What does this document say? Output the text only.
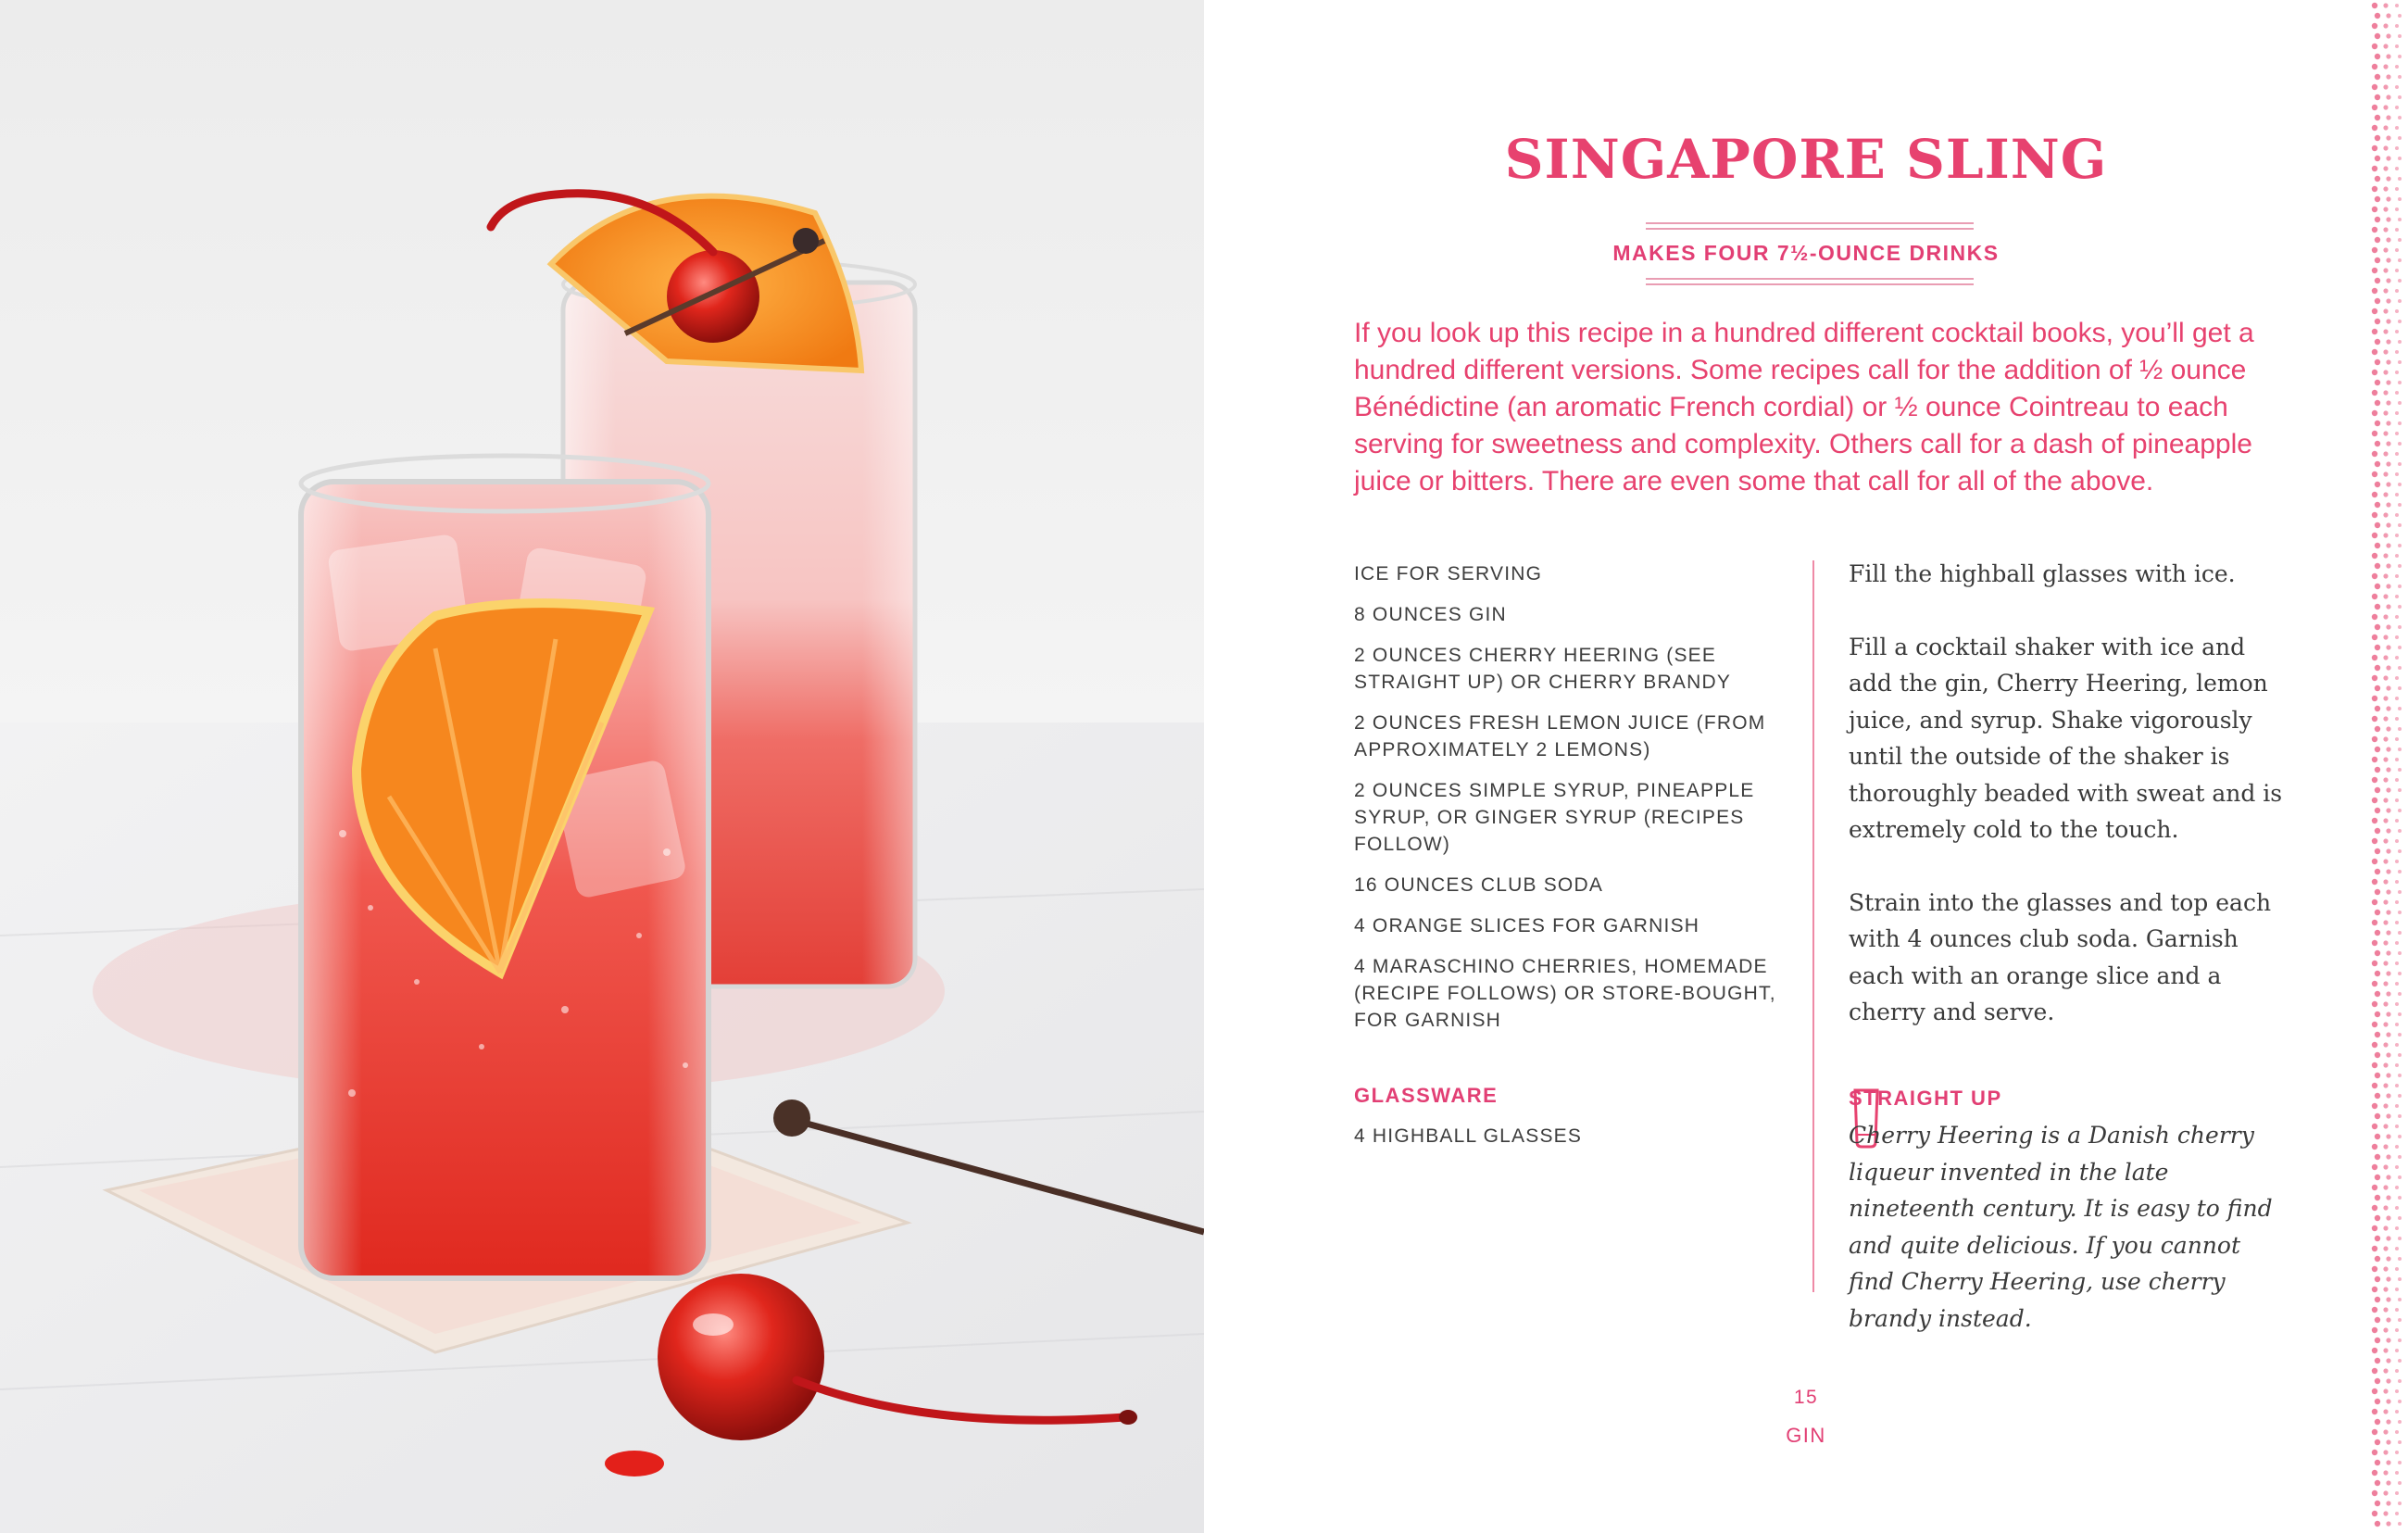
SINGAPORE SLING
MAKES FOUR 7½-OUNCE DRINKS

If you look up this recipe in a hundred different cocktail books, you’ll get a hundred different versions. Some recipes call for the addition of ½ ounce Bénédictine (an aromatic French cordial) or ½ ounce Cointreau to each serving for sweetness and complexity. Others call for a dash of pineapple juice or bitters. There are even some that call for all of the above.

ICE FOR SERVING
8 OUNCES GIN
2 OUNCES CHERRY HEERING (SEE STRAIGHT UP) OR CHERRY BRANDY
2 OUNCES FRESH LEMON JUICE (FROM APPROXIMATELY 2 LEMONS)
2 OUNCES SIMPLE SYRUP, PINEAPPLE SYRUP, OR GINGER SYRUP (RECIPES FOLLOW)
16 OUNCES CLUB SODA
4 ORANGE SLICES FOR GARNISH
4 MARASCHINO CHERRIES, HOMEMADE (RECIPE FOLLOWS) OR STORE-BOUGHT, FOR GARNISH
GLASSWARE
4 HIGHBALL GLASSES

Fill the highball glasses with ice.

Fill a cocktail shaker with ice and add the gin, Cherry Heering, lemon juice, and syrup. Shake vigorously until the outside of the shaker is thoroughly beaded with sweat and is extremely cold to the touch.

Strain into the glasses and top each with 4 ounces club soda. Garnish each with an orange slice and a cherry and serve.

STRAIGHT UP

Cherry Heering is a Danish cherry liqueur invented in the late nineteenth century. It is easy to find and quite delicious. If you cannot find Cherry Heering, use cherry brandy instead.

15
GIN
